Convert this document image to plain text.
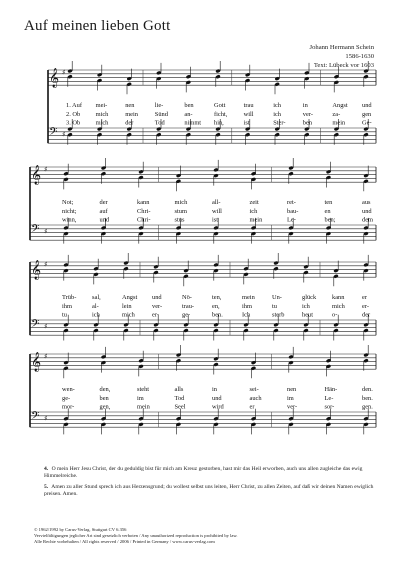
Auf meinen lieben Gott
Johann Hermann Schein
1586-1630
Text: Lübeck vor 1603
𝄞 ♯
𝄢 ♯
1. Auf
2. Ob
3. Ob
mei-
mich
mich
nen
mein
der
lie-
Sünd
Tod
ben
an-
nimmt
Gott
ficht,
hin,
trau
will
ist
ich
ich
Ster-
in
ver-
ben
Angst
za-
mein
und
gen
Ge-
𝄞 ♯
𝄢 ♯
Not;
nicht;
winn,
der
auf
und
kann
Chri-
Chri-
mich
stum
stus
all-
will
ist
zeit
ich
mein
ret-
bau-
Le-
ten
en
ben;
aus
und
dem
𝄞 ♯
𝄢 ♯
Trüb-
ihm
tu
sal,
al-
ich
Angst
lein
mich
und
ver-
er-
Nö-
trau-
ge-
ten,
en,
ben.
mein
ihm
Ich
Un-
tu
sterb
glück
ich
heut
kann
mich
o-
er
er-
der
𝄞 ♯
𝄢 ♯
wen-
ge-
mor-
den,
ben
gen,
steht
im
mein
alls
Tod
Seel
in
und
wird
sei-
auch
er
nen
im
ver-
Hän-
Le-
sor-
den.
ben.
gen.
4. O mein Herr Jesu Christ, der du geduldig bist für mich am Kreuz gestorben, hast mir das Heil erworben, auch uns allen zugleiche das ewig Himmelreiche.
5. Amen zu aller Stund sprech ich aus Herzensgrund; du wollest selbst uns leiten, Herr Christ, zu allen Zeiten, auf daß wir deinen Namen ewiglich preisen. Amen.
© 1962/1992 by Carus-Verlag, Stuttgart CV 6.356
Vervielfältigungen jeglicher Art sind gesetzlich verboten / Any unauthorized reproduction is prohibited by law.
Alle Rechte vorbehalten / All rights reserved / 2006 / Printed in Germany / www.carus-verlag.com
